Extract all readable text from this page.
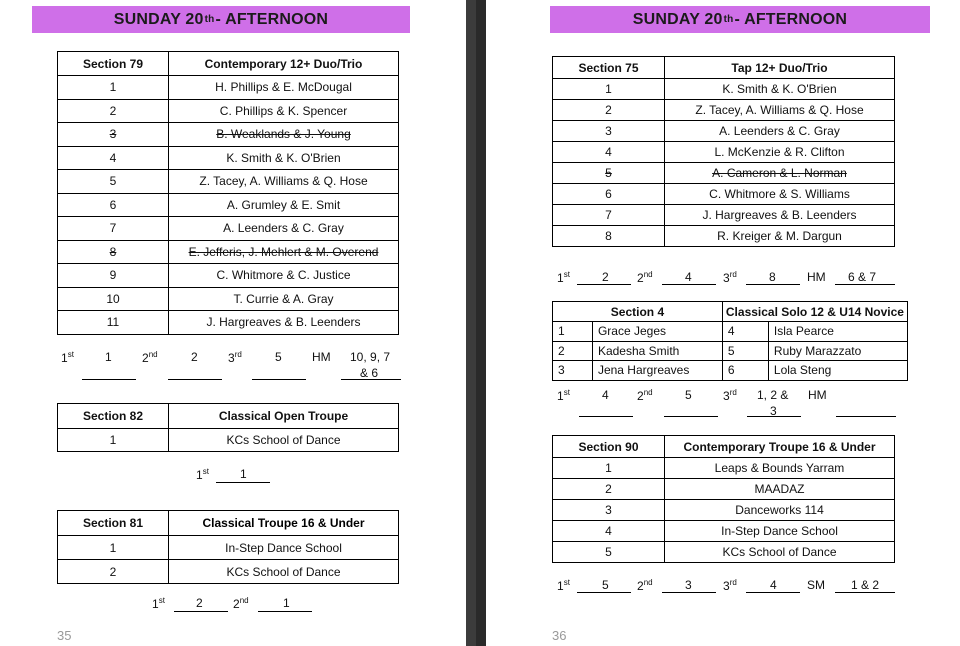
SUNDAY 20 th - AFTERNOON
Section 79	Contemporary 12+ Duo/Trio
1	H. Phillips & E. McDougal
2	C. Phillips & K. Spencer
3	B. Weaklands & J. Young
4	K. Smith & K. O'Brien
5	Z. Tacey, A. Williams & Q. Hose
6	A. Grumley & E. Smit
7	A. Leenders & C. Gray
8	E. Jefferis, J. Mehlert & M. Overend
9	C. Whitmore & C. Justice
10	T. Currie & A. Gray
11	J. Hargreaves & B. Leenders
1st	1	2nd	2	3rd	5	HM 10, 9, 7
& 6
Section 82	Classical Open Troupe
1	KCs School of Dance
1st	1
Section 81	Classical Troupe 16 & Under
1	In-Step Dance School
2	KCs School of Dance
1st	2	2nd	1
35
SUNDAY 20 th - AFTERNOON
Section 75	Tap 12+ Duo/Trio
1	K. Smith & K. O'Brien
2	Z. Tacey, A. Williams & Q. Hose
3	A. Leenders & C. Gray
4	L. McKenzie & R. Clifton
5	A. Cameron & L. Norman
6	C. Whitmore & S. Williams
7	J. Hargreaves & B. Leenders
8	R. Kreiger & M. Dargun
1st	2 2nd	4	3rd	8	HM 6 & 7
Section 4		Classical Solo 12 & U14 Novice	
1	Grace Jeges	4	Isla Pearce
2	Kadesha Smith	5	Ruby Marazzato
3	Jena Hargreaves	6	Lola Steng
1st	4 2nd	5	3rd 1, 2 &
3
HM
Section 90	Contemporary Troupe 16 & Under
1	Leaps & Bounds Yarram
2	MAADAZ
3	Danceworks 114
4	In-Step Dance School
5	KCs School of Dance
1st	5 2nd	3	3rd	4	SM 1 & 2
36
